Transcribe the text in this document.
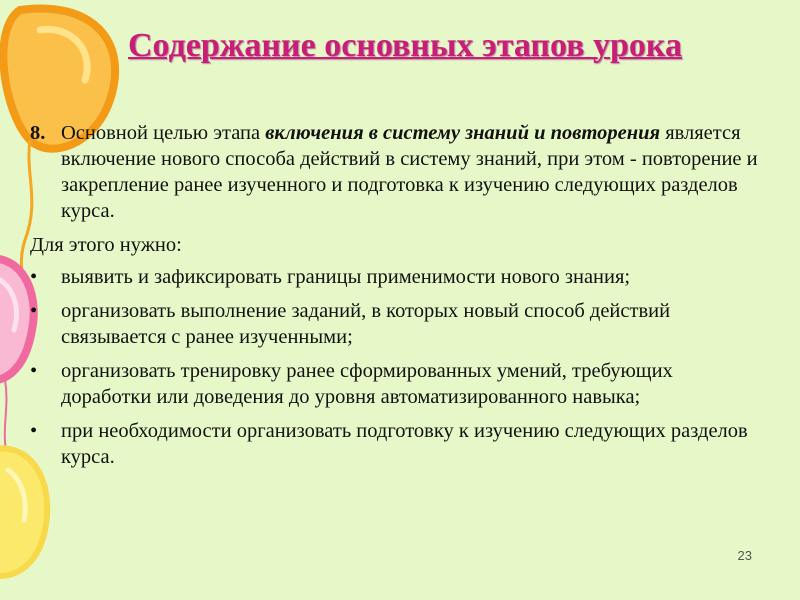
Содержание основных этапов урока
8. Основной целью этапа включения в систему знаний и повторения является включение нового способа действий в систему знаний, при этом - повторение и закрепление ранее изученного и подготовка к изучению следующих разделов курса.
Для этого нужно:
•	выявить и зафиксировать границы применимости нового знания;
•	организовать выполнение заданий, в которых новый способ действий связывается с ранее изученными;
•	организовать тренировку ранее сформированных умений, требующих доработки или доведения до уровня автоматизированного навыка;
•	при необходимости организовать подготовку к изучению следующих разделов курса.
23
